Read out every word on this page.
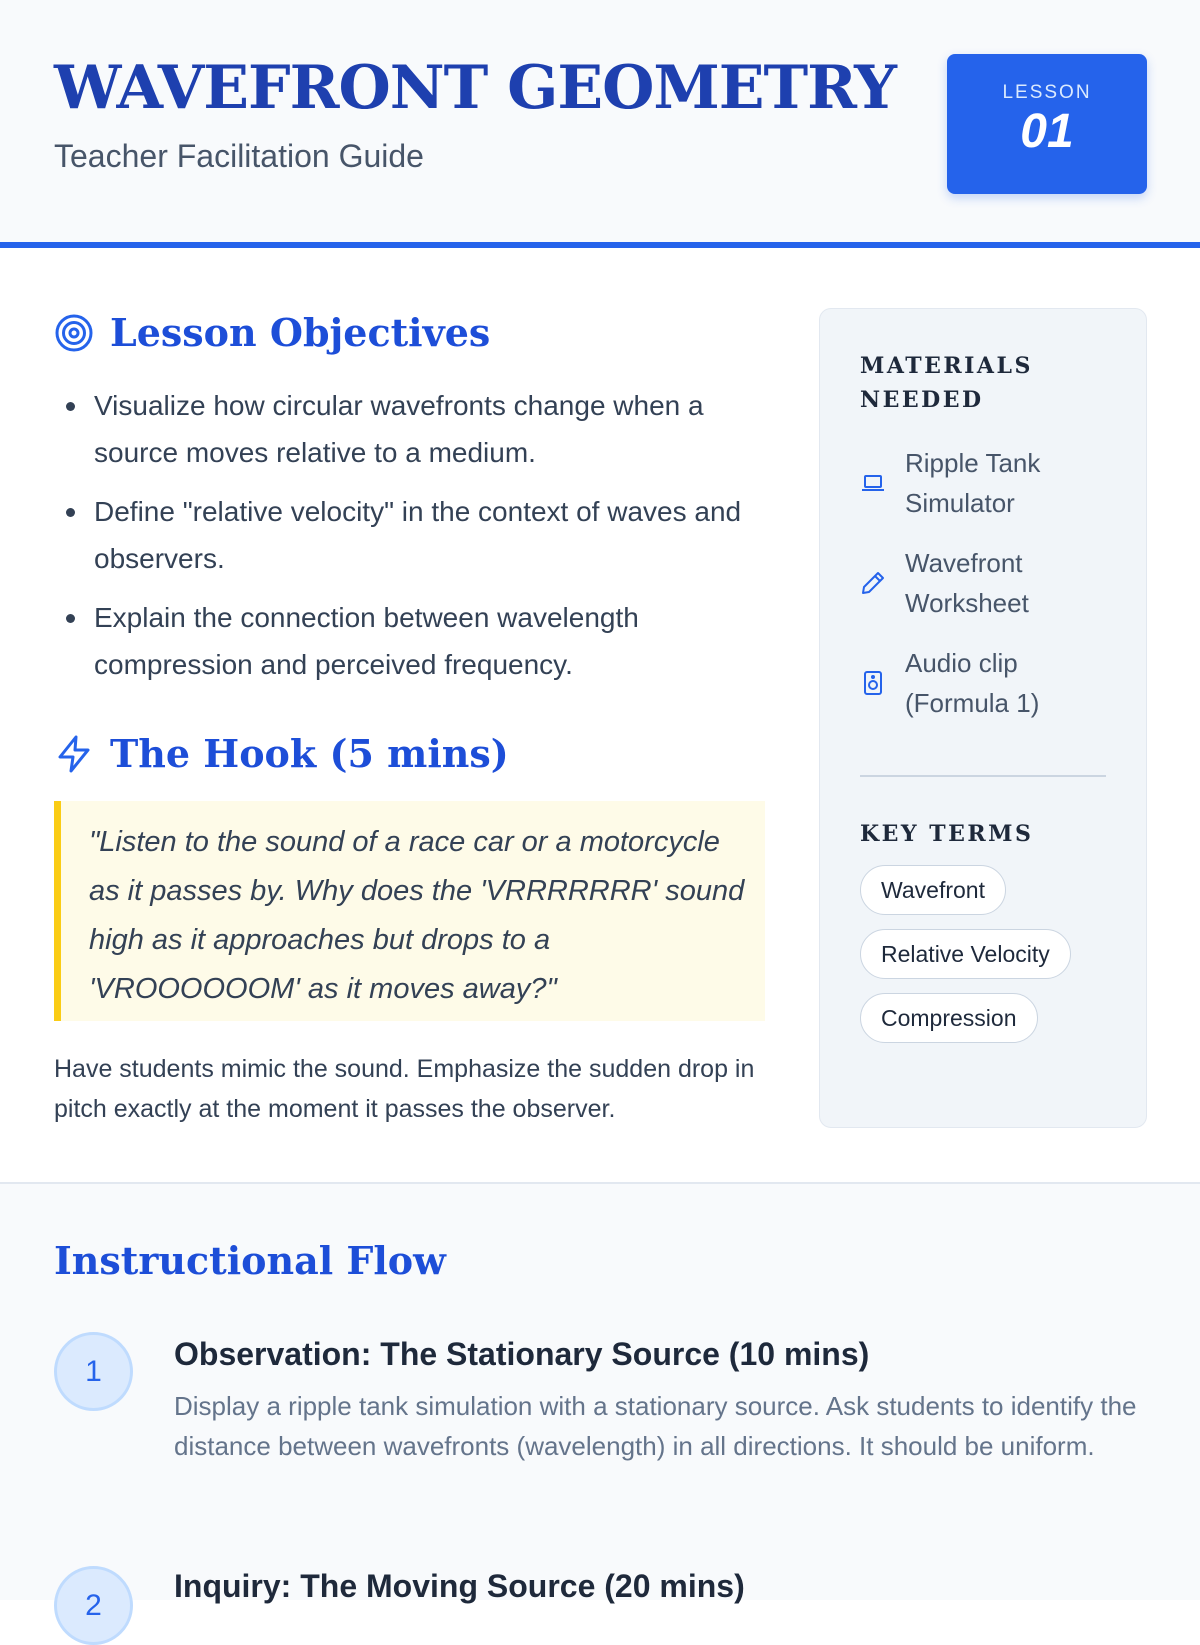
WAVEFRONT GEOMETRY
Teacher Facilitation Guide
LESSON
01
Lesson Objectives
Visualize how circular wavefronts change when a source moves relative to a medium.
Define "relative velocity" in the context of waves and observers.
Explain the connection between wavelength compression and perceived frequency.
The Hook (5 mins)
"Listen to the sound of a race car or a motorcycle as it passes by. Why does the 'VRRRRRRR' sound high as it approaches but drops to a 'VROOOOOOM' as it moves away?"
Have students mimic the sound. Emphasize the sudden drop in pitch exactly at the moment it passes the observer.
MATERIALS NEEDED
Ripple Tank Simulator
Wavefront Worksheet
Audio clip (Formula 1)
KEY TERMS
Wavefront
Relative Velocity
Compression
Instructional Flow
1	Observation: The Stationary Source (10 mins)
Display a ripple tank simulation with a stationary source. Ask students to identify the distance between wavefronts (wavelength) in all directions. It should be uniform.
2
Inquiry: The Moving Source (20 mins)
